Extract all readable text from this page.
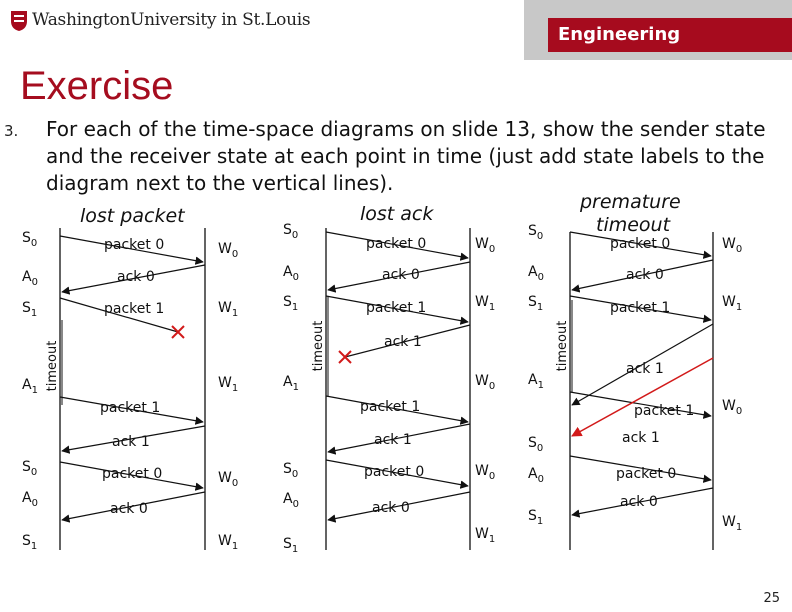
Engineering
WashingtonUniversity in St.Louis
Exercise
3. For each of the time-space diagrams on slide 13, show the sender state and the receiver state at each point in time (just add state labels to the diagram next to the vertical lines).
lost packet
timeout
$S_0$
$A_0$
$S_1$
$A_1$
$S_0$
$A_0$
$S_1$
$W_0$
$W_1$
$W_1$
$W_0$
$W_1$
packet 0
ack 0
packet 1
packet 1
ack 1
packet 0
ack 0
lost ack
timeout
$S_0$
$A_0$
$S_1$
$A_1$
$S_0$
$A_0$
$S_1$
$W_0$
$W_1$
$W_0$
$W_0$
$W_1$
packet 0
ack 0
packet 1
ack 1
packet 1
ack 1
packet 0
ack 0
premature
timeout
timeout
$S_0$
$A_0$
$S_1$
$A_1$
$S_0$
$A_0$
$S_1$
$W_0$
$W_1$
$W_0$
$W_1$
packet 0
ack 0
packet 1
ack 1
packet 1
ack 1
packet 0
ack 0
25
